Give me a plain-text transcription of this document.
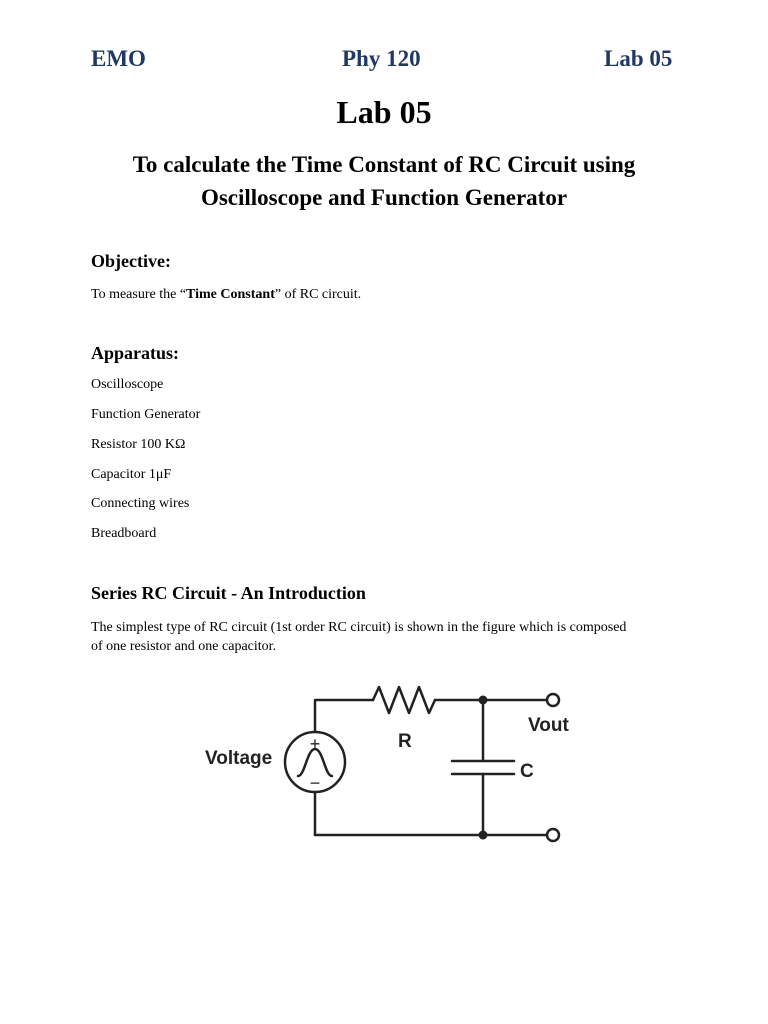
EMO	Phy 120	Lab 05
Lab 05
To calculate the Time Constant of RC Circuit using
Oscilloscope and Function Generator
Objective:
To measure the “Time Constant” of RC circuit.
Apparatus:
Oscilloscope
Function Generator
Resistor 100 KΩ
Capacitor 1μF
Connecting wires
Breadboard
Series RC Circuit - An Introduction
The simplest type of RC circuit (1st order RC circuit) is shown in the figure which is composed
of one resistor and one capacitor.
+
−
Voltage
R
C
Vout
